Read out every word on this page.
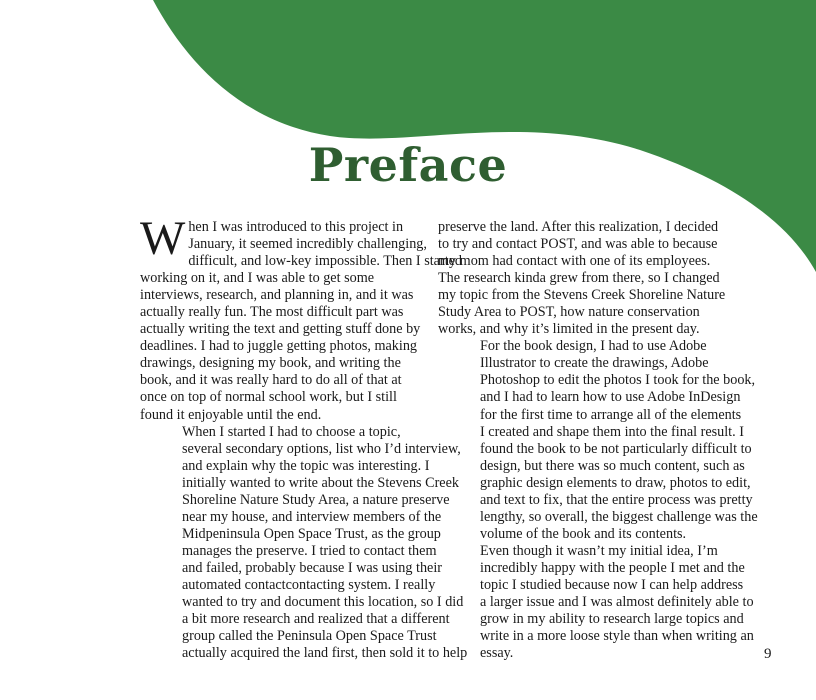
Preface

W hen I was introduced to this project in
January, it seemed incredibly challenging,
difficult, and low-key impossible. Then I started
working on it, and I was able to get some
interviews, research, and planning in, and it was
actually really fun. The most difficult part was
actually writing the text and getting stuff done by
deadlines. I had to juggle getting photos, making
drawings, designing my book, and writing the
book, and it was really hard to do all of that at
once on top of normal school work, but I still
found it enjoyable until the end.

When I started I had to choose a topic,
several secondary options, list who I’d interview,
and explain why the topic was interesting. I
initially wanted to write about the Stevens Creek
Shoreline Nature Study Area, a nature preserve
near my house, and interview members of the
Midpeninsula Open Space Trust, as the group
manages the preserve. I tried to contact them
and failed, probably because I was using their
automated contactcontacting system. I really
wanted to try and document this location, so I did
a bit more research and realized that a different
group called the Peninsula Open Space Trust
actually acquired the land first, then sold it to help

preserve the land. After this realization, I decided
to try and contact POST, and was able to because
my mom had contact with one of its employees.
The research kinda grew from there, so I changed
my topic from the Stevens Creek Shoreline Nature
Study Area to POST, how nature conservation
works, and why it’s limited in the present day.

For the book design, I had to use Adobe
Illustrator to create the drawings, Adobe
Photoshop to edit the photos I took for the book,
and I had to learn how to use Adobe InDesign
for the first time to arrange all of the elements
I created and shape them into the final result. I
found the book to be not particularly difficult to
design, but there was so much content, such as
graphic design elements to draw, photos to edit,
and text to fix, that the entire process was pretty
lengthy, so overall, the biggest challenge was the
volume of the book and its contents.

Even though it wasn’t my initial idea, I’m
incredibly happy with the people I met and the
topic I studied because now I can help address
a larger issue and I was almost definitely able to
grow in my ability to research large topics and
write in a more loose style than when writing an
essay.	9
